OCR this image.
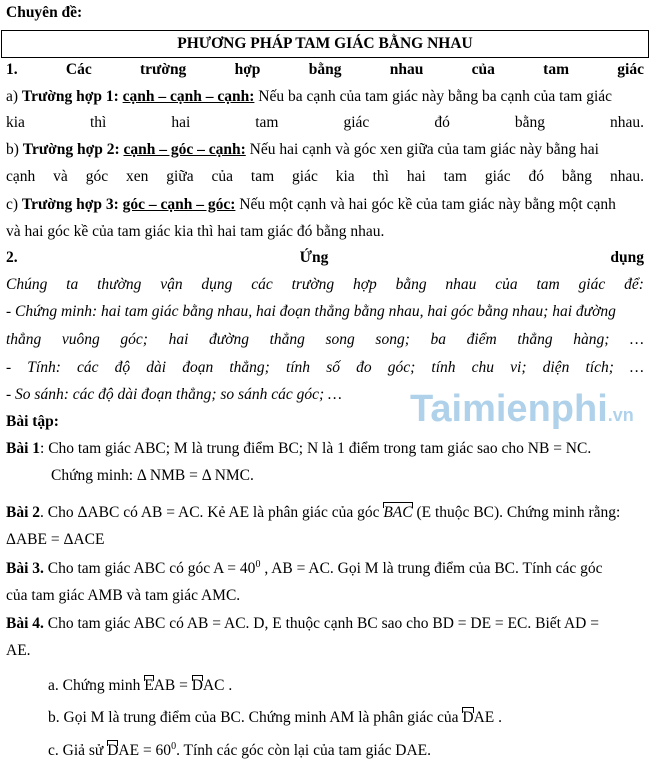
Chuyên đề:
PHƯƠNG PHÁP TAM GIÁC BẰNG NHAU
1.	Các	trường	hợp	bằng	nhau	của	tam	giác
a) Trường hợp 1: cạnh – cạnh – cạnh: Nếu ba cạnh của tam giác này bằng ba cạnh của tam giác
kia	thì	hai	tam	giác	đó	bằng	nhau.
b) Trường hợp 2: cạnh – góc – cạnh: Nếu hai cạnh và góc xen giữa của tam giác này bằng hai
cạnh và góc xen giữa của tam giác kia thì hai tam giác đó bằng nhau.
c) Trường hợp 3: góc – cạnh – góc: Nếu một cạnh và hai góc kề của tam giác này bằng một cạnh
và hai góc kề của tam giác kia thì hai tam giác đó bằng nhau.
2.	Ứng	dụng
Chúng ta thường vận dụng các trường hợp bằng nhau của tam giác để:
- Chứng minh: hai tam giác bằng nhau, hai đoạn thẳng bằng nhau, hai góc bằng nhau; hai đường
thẳng vuông góc; hai đường thẳng song song; ba điểm thẳng hàng; …
- Tính: các độ dài đoạn thẳng; tính số đo góc; tính chu vi; diện tích; …
- So sánh: các độ dài đoạn thẳng; so sánh các góc; …
Bài tập:
Bài 1: Cho tam giác ABC; M là trung điểm BC; N là 1 điểm trong tam giác sao cho NB = NC.
Chứng minh: Δ NMB = Δ NMC.
Bài 2. Cho ΔABC có AB = AC. Kẻ AE là phân giác của góc BAC (E thuộc BC). Chứng minh rằng:
ΔABE = ΔACE
Bài 3. Cho tam giác ABC có góc $A = 40^0$ , AB = AC. Gọi M là trung điểm của BC. Tính các góc
của tam giác AMB và tam giác AMC.
Bài 4. Cho tam giác ABC có AB = AC. D, E thuộc cạnh BC sao cho BD = DE = EC. Biết AD =
AE.
a. Chứng minh EAB = DAC .
b. Gọi M là trung điểm của BC. Chứng minh AM là phân giác của DAE .
c. Giả sử DAE = $60^0$. Tính các góc còn lại của tam giác DAE.
Taimienphi.vn
